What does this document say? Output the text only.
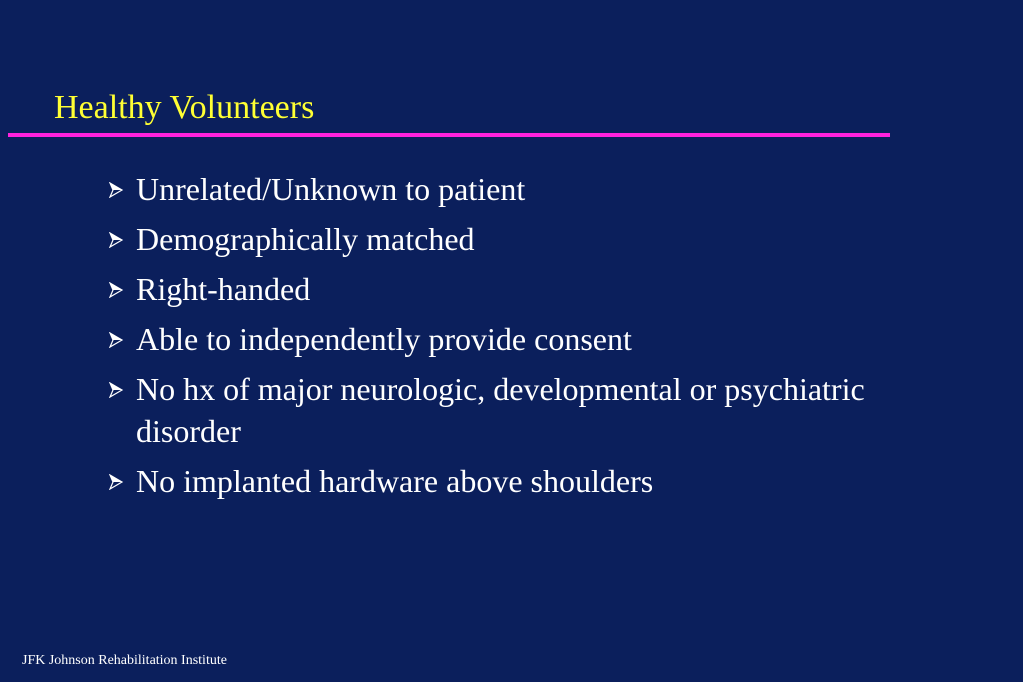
Healthy Volunteers
Unrelated/Unknown to patient
Demographically matched
Right-handed
Able to independently provide consent
No hx of major neurologic, developmental or psychiatric disorder
No implanted hardware above shoulders
JFK Johnson Rehabilitation Institute
